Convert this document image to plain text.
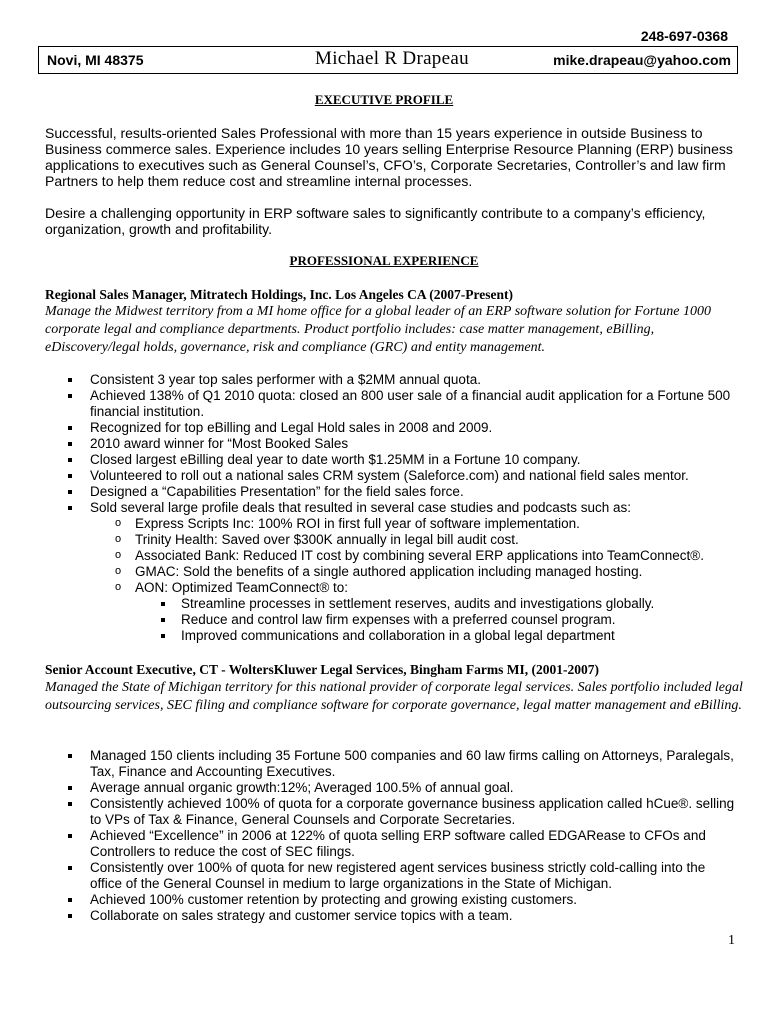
248-697-0368
Novi, MI 48375	Michael R Drapeau	mike.drapeau@yahoo.com
EXECUTIVE PROFILE

Successful, results-oriented Sales Professional with more than 15 years experience in outside Business to Business commerce sales. Experience includes 10 years selling Enterprise Resource Planning (ERP) business applications to executives such as General Counsel’s, CFO’s, Corporate Secretaries, Controller’s and law firm Partners to help them reduce cost and streamline internal processes.

Desire a challenging opportunity in ERP software sales to significantly contribute to a company’s efficiency, organization, growth and profitability.

PROFESSIONAL EXPERIENCE
Regional Sales Manager, Mitratech Holdings, Inc. Los Angeles CA (2007-Present)
Manage the Midwest territory from a MI home office for a global leader of an ERP software solution for Fortune 1000 corporate legal and compliance departments. Product portfolio includes: case matter management, eBilling, eDiscovery/legal holds, governance, risk and compliance (GRC) and entity management.
Consistent 3 year top sales performer with a $2MM annual quota.
Achieved 138% of Q1 2010 quota: closed an 800 user sale of a financial audit application for a Fortune 500 financial institution.
Recognized for top eBilling and Legal Hold sales in 2008 and 2009.
2010 award winner for “Most Booked Sales
Closed largest eBilling deal year to date worth $1.25MM in a Fortune 10 company.
Volunteered to roll out a national sales CRM system (Saleforce.com) and national field sales mentor.
Designed a “Capabilities Presentation” for the field sales force.
Sold several large profile deals that resulted in several case studies and podcasts such as:
o Express Scripts Inc: 100% ROI in first full year of software implementation.
o Trinity Health: Saved over $300K annually in legal bill audit cost.
o Associated Bank: Reduced IT cost by combining several ERP applications into TeamConnect®.
o GMAC: Sold the benefits of a single authored application including managed hosting.
o AON: Optimized TeamConnect® to:
Streamline processes in settlement reserves, audits and investigations globally.
Reduce and control law firm expenses with a preferred counsel program.
Improved communications and collaboration in a global legal department
Senior Account Executive, CT - WoltersKluwer Legal Services, Bingham Farms MI, (2001-2007)
Managed the State of Michigan territory for this national provider of corporate legal services. Sales portfolio included legal outsourcing services, SEC filing and compliance software for corporate governance, legal matter management and eBilling.
Managed 150 clients including 35 Fortune 500 companies and 60 law firms calling on Attorneys, Paralegals, Tax, Finance and Accounting Executives.
Average annual organic growth:12%; Averaged 100.5% of annual goal.
Consistently achieved 100% of quota for a corporate governance business application called hCue®. selling to VPs of Tax & Finance, General Counsels and Corporate Secretaries.
Achieved “Excellence” in 2006 at 122% of quota selling ERP software called EDGARease to CFOs and Controllers to reduce the cost of SEC filings.
Consistently over 100% of quota for new registered agent services business strictly cold-calling into the office of the General Counsel in medium to large organizations in the State of Michigan.
Achieved 100% customer retention by protecting and growing existing customers.
Collaborate on sales strategy and customer service topics with a team.
1
